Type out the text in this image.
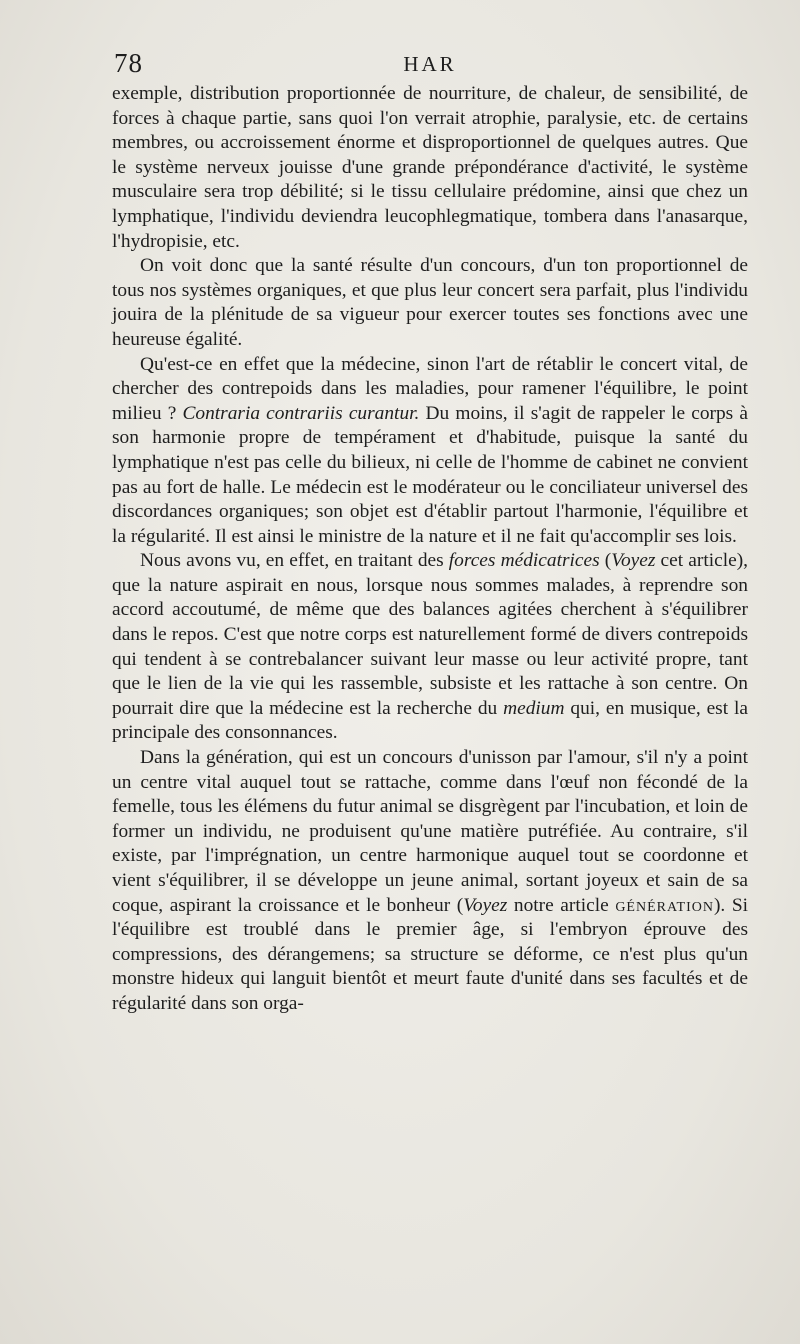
78	HAR

exemple, distribution proportionnée de nourriture, de chaleur, de sensibilité, de forces à chaque partie, sans quoi l'on verrait atrophie, paralysie, etc. de certains membres, ou accroissement énorme et disproportionnel de quelques autres. Que le système nerveux jouisse d'une grande prépondérance d'activité, le système musculaire sera trop débilité; si le tissu cellulaire prédomine, ainsi que chez un lymphatique, l'individu deviendra leucophlegmatique, tombera dans l'anasarque, l'hydropisie, etc.

On voit donc que la santé résulte d'un concours, d'un ton proportionnel de tous nos systèmes organiques, et que plus leur concert sera parfait, plus l'individu jouira de la plénitude de sa vigueur pour exercer toutes ses fonctions avec une heureuse égalité.

Qu'est-ce en effet que la médecine, sinon l'art de rétablir le concert vital, de chercher des contrepoids dans les maladies, pour ramener l'équilibre, le point milieu ? Contraria contrariis curantur. Du moins, il s'agit de rappeler le corps à son harmonie propre de tempérament et d'habitude, puisque la santé du lymphatique n'est pas celle du bilieux, ni celle de l'homme de cabinet ne convient pas au fort de halle. Le médecin est le modérateur ou le conciliateur universel des discordances organiques; son objet est d'établir partout l'harmonie, l'équilibre et la régularité. Il est ainsi le ministre de la nature et il ne fait qu'accomplir ses lois.

Nous avons vu, en effet, en traitant des forces médicatrices (Voyez cet article), que la nature aspirait en nous, lorsque nous sommes malades, à reprendre son accord accoutumé, de même que des balances agitées cherchent à s'équilibrer dans le repos. C'est que notre corps est naturellement formé de divers contrepoids qui tendent à se contrebalancer suivant leur masse ou leur activité propre, tant que le lien de la vie qui les rassemble, subsiste et les rattache à son centre. On pourrait dire que la médecine est la recherche du medium qui, en musique, est la principale des consonnances.

Dans la génération, qui est un concours d'unisson par l'amour, s'il n'y a point un centre vital auquel tout se rattache, comme dans l'œuf non fécondé de la femelle, tous les élémens du futur animal se disgrègent par l'incubation, et loin de former un individu, ne produisent qu'une matière putréfiée. Au contraire, s'il existe, par l'imprégnation, un centre harmonique auquel tout se coordonne et vient s'équilibrer, il se développe un jeune animal, sortant joyeux et sain de sa coque, aspirant la croissance et le bonheur (Voyez notre article génération). Si l'équilibre est troublé dans le premier âge, si l'embryon éprouve des compressions, des dérangemens; sa structure se déforme, ce n'est plus qu'un monstre hideux qui languit bientôt et meurt faute d'unité dans ses facultés et de régularité dans son orga-
